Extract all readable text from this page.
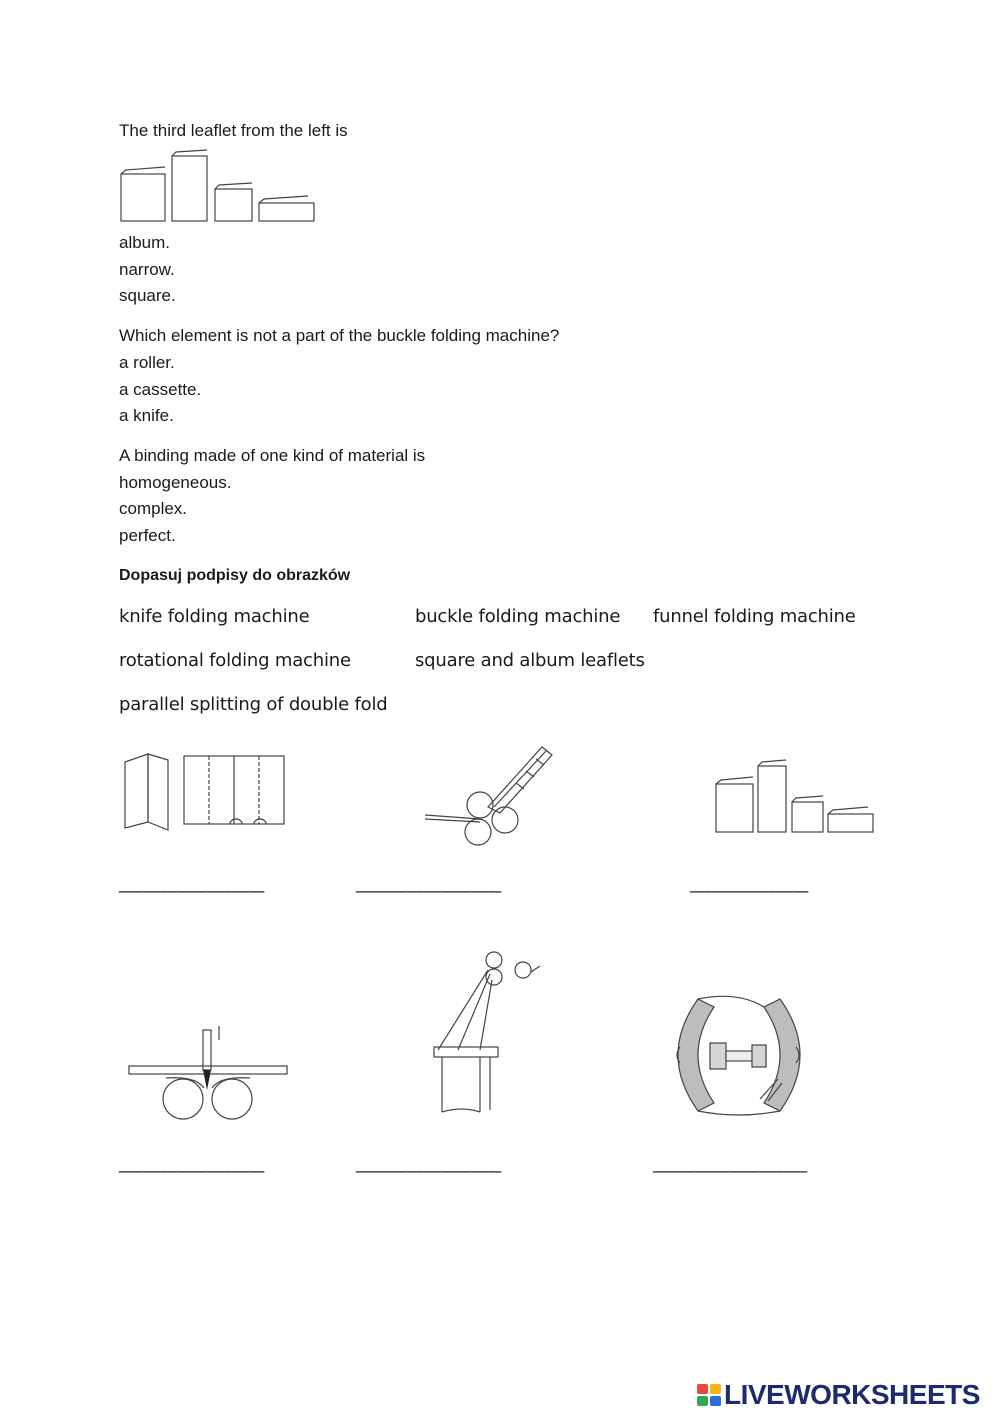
The third leaflet from the left is
album.
narrow.
square.
Which element is not a part of the buckle folding machine?
a roller.
a cassette.
a knife.
A binding made of one kind of material is
homogeneous.
complex.
perfect.
Dopasuj podpisy do obrazków
knife folding machine	buckle folding machine funnel folding machine
rotational folding machine	square and album leaflets
parallel splitting of double fold
________________	________________	_____________
________________	________________	_________________
LIVEWORKSHEETS
